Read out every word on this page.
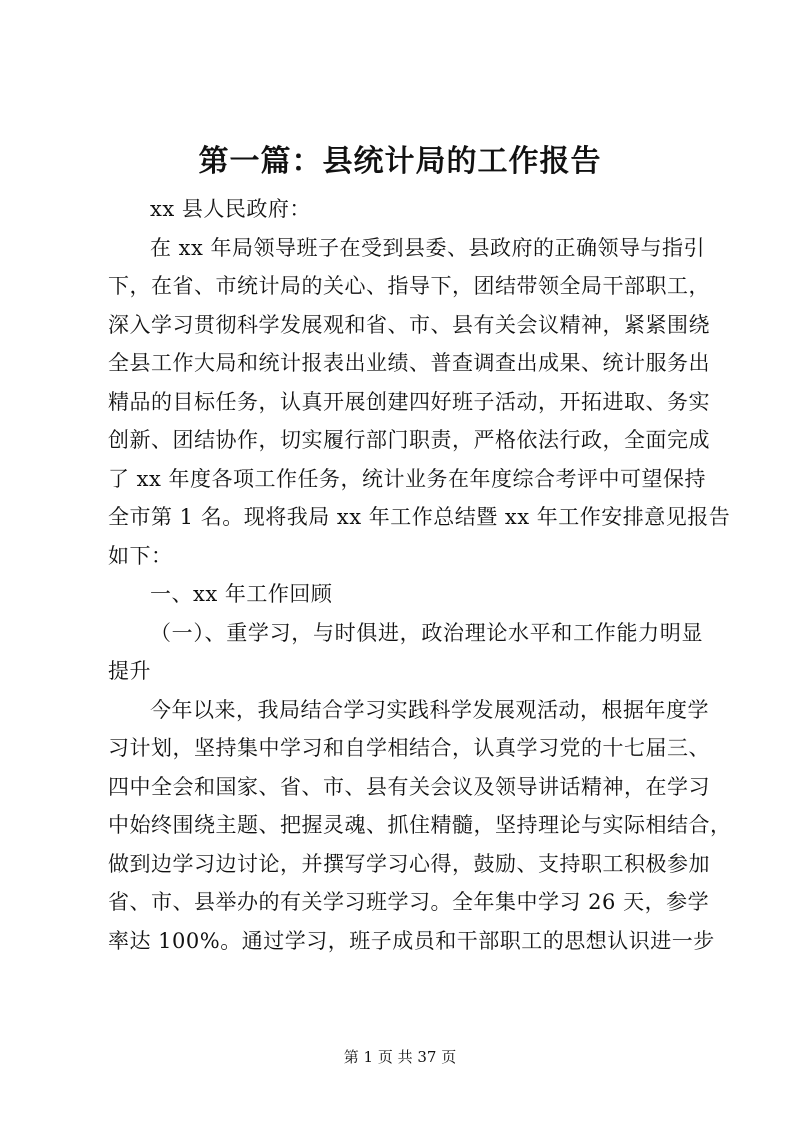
第一篇：县统计局的工作报告
xx 县人民政府：
在 xx 年局领导班子在受到县委、县政府的正确领导与指引
下，在省、市统计局的关心、指导下，团结带领全局干部职工，
深入学习贯彻科学发展观和省、市、县有关会议精神，紧紧围绕
全县工作大局和统计报表出业绩、普查调查出成果、统计服务出
精品的目标任务，认真开展创建四好班子活动，开拓进取、务实
创新、团结协作，切实履行部门职责，严格依法行政，全面完成
了 xx 年度各项工作任务，统计业务在年度综合考评中可望保持
全市第 1 名。现将我局 xx 年工作总结暨 xx 年工作安排意见报告
如下：
一、xx 年工作回顾
（一）、重学习，与时俱进，政治理论水平和工作能力明显
提升
今年以来，我局结合学习实践科学发展观活动，根据年度学
习计划，坚持集中学习和自学相结合，认真学习党的十七届三、
四中全会和国家、省、市、县有关会议及领导讲话精神，在学习
中始终围绕主题、把握灵魂、抓住精髓，坚持理论与实际相结合，
做到边学习边讨论，并撰写学习心得，鼓励、支持职工积极参加
省、市、县举办的有关学习班学习。全年集中学习 26 天，参学
率达 100%。通过学习，班子成员和干部职工的思想认识进一步
第 1 页 共 37 页
